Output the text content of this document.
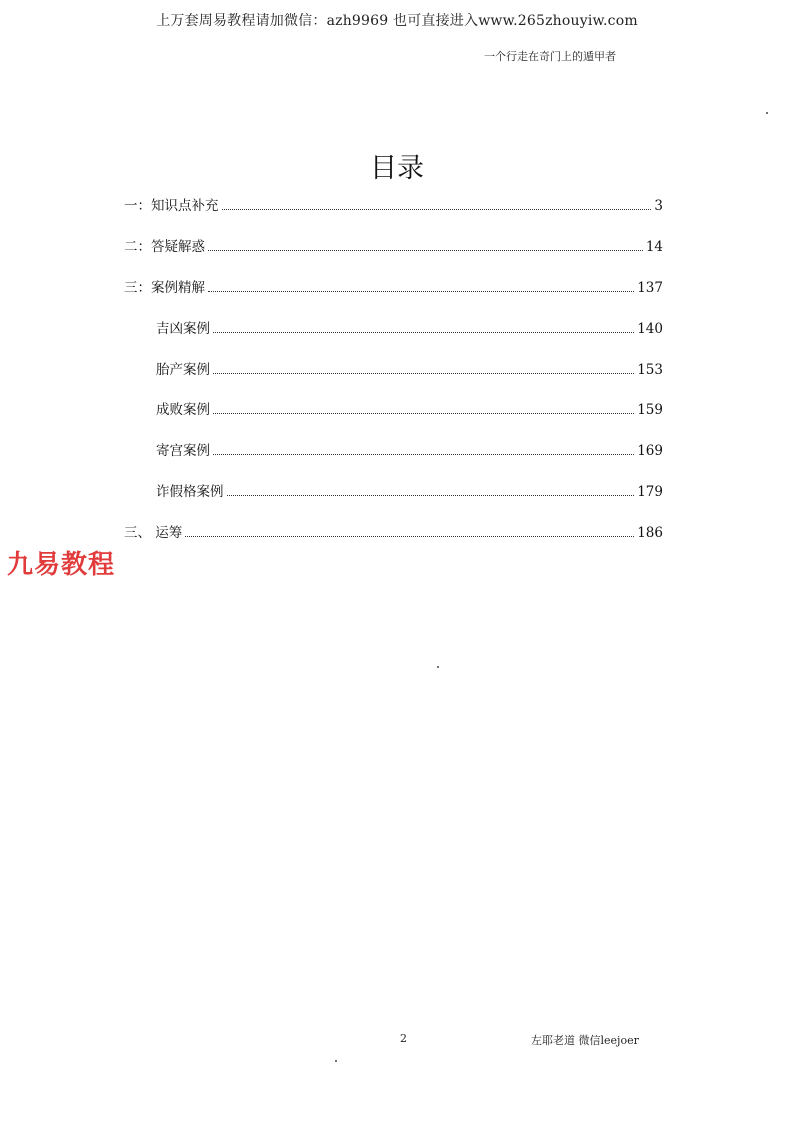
上万套周易教程请加微信：azh9969 也可直接进入www.265zhouyiw.com
一个行走在奇门上的遁甲者
目录
一：知识点补充	3
二：答疑解惑	14
三：案例精解	137
吉凶案例	140
胎产案例	153
成败案例	159
寄宫案例	169
诈假格案例	179
三、 运筹	186
九易教程
2	左耶老道 微信leejoer
